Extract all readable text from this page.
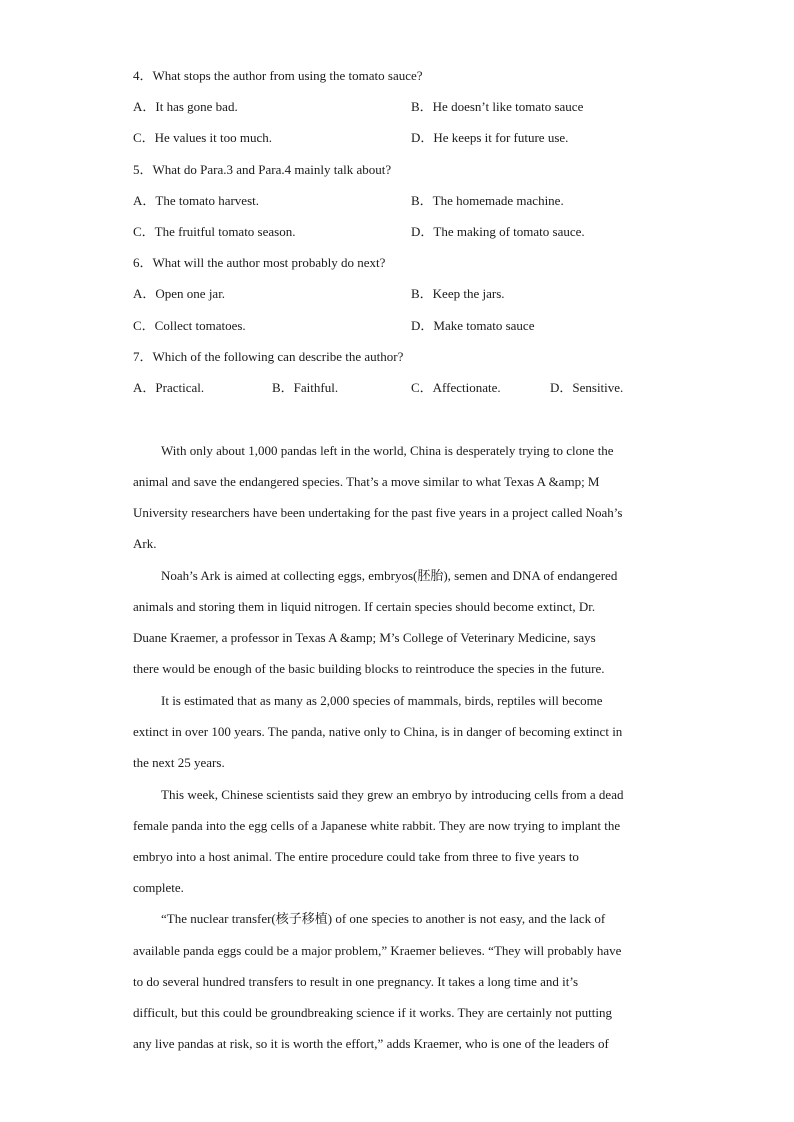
4．What stops the author from using the tomato sauce?
A．It has gone bad.	B．He doesn’t like tomato sauce
C．He values it too much.	D．He keeps it for future use.
5．What do Para.3 and Para.4 mainly talk about?
A．The tomato harvest.	B．The homemade machine.
C．The fruitful tomato season.	D．The making of tomato sauce.
6．What will the author most probably do next?
A．Open one jar.	B．Keep the jars.
C．Collect tomatoes.	D．Make tomato sauce
7．Which of the following can describe the author?
A．Practical.	B．Faithful.	C．Affectionate.	D．Sensitive.
With only about 1,000 pandas left in the world, China is desperately trying to clone the
animal and save the endangered species. That’s a move similar to what Texas A &amp; M
University researchers have been undertaking for the past five years in a project called Noah’s
Ark.
Noah’s Ark is aimed at collecting eggs, embryos(胚胎), semen and DNA of endangered
animals and storing them in liquid nitrogen. If certain species should become extinct, Dr.
Duane Kraemer, a professor in Texas A &amp; M’s College of Veterinary Medicine, says
there would be enough of the basic building blocks to reintroduce the species in the future.
It is estimated that as many as 2,000 species of mammals, birds, reptiles will become
extinct in over 100 years. The panda, native only to China, is in danger of becoming extinct in
the next 25 years.
This week, Chinese scientists said they grew an embryo by introducing cells from a dead
female panda into the egg cells of a Japanese white rabbit. They are now trying to implant the
embryo into a host animal. The entire procedure could take from three to five years to
complete.
“The nuclear transfer(核子移植) of one species to another is not easy, and the lack of
available panda eggs could be a major problem,” Kraemer believes. “They will probably have
to do several hundred transfers to result in one pregnancy. It takes a long time and it’s
difficult, but this could be groundbreaking science if it works. They are certainly not putting
any live pandas at risk, so it is worth the effort,” adds Kraemer, who is one of the leaders of
